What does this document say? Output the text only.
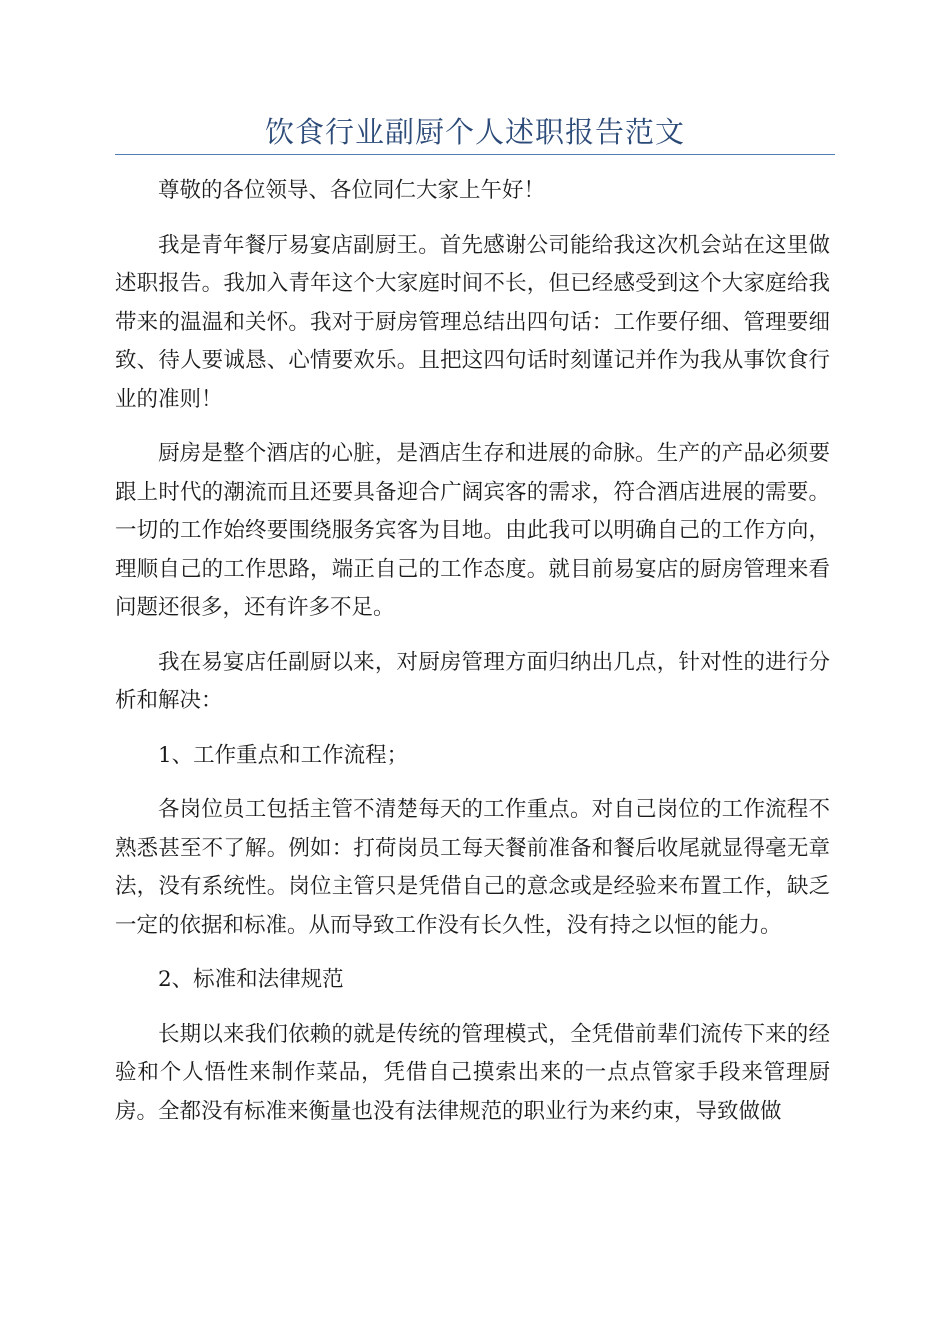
饮食行业副厨个人述职报告范文

尊敬的各位领导、各位同仁大家上午好！

我是青年餐厅易宴店副厨王。首先感谢公司能给我这次机会站在这里做述职报告。我加入青年这个大家庭时间不长，但已经感受到这个大家庭给我带来的温温和关怀。我对于厨房管理总结出四句话：工作要仔细、管理要细致、待人要诚恳、心情要欢乐。且把这四句话时刻谨记并作为我从事饮食行业的准则！

厨房是整个酒店的心脏，是酒店生存和进展的命脉。生产的产品必须要跟上时代的潮流而且还要具备迎合广阔宾客的需求，符合酒店进展的需要。一切的工作始终要围绕服务宾客为目地。由此我可以明确自己的工作方向，理顺自己的工作思路，端正自己的工作态度。就目前易宴店的厨房管理来看问题还很多，还有许多不足。

我在易宴店任副厨以来，对厨房管理方面归纳出几点，针对性的进行分析和解决：

1、工作重点和工作流程；

各岗位员工包括主管不清楚每天的工作重点。对自己岗位的工作流程不熟悉甚至不了解。例如：打荷岗员工每天餐前准备和餐后收尾就显得毫无章法，没有系统性。岗位主管只是凭借自己的意念或是经验来布置工作，缺乏一定的依据和标准。从而导致工作没有长久性，没有持之以恒的能力。

2、标准和法律规范

长期以来我们依赖的就是传统的管理模式，全凭借前辈们流传下来的经验和个人悟性来制作菜品，凭借自己摸索出来的一点点管家手段来管理厨房。全都没有标准来衡量也没有法律规范的职业行为来约束，导致做做
